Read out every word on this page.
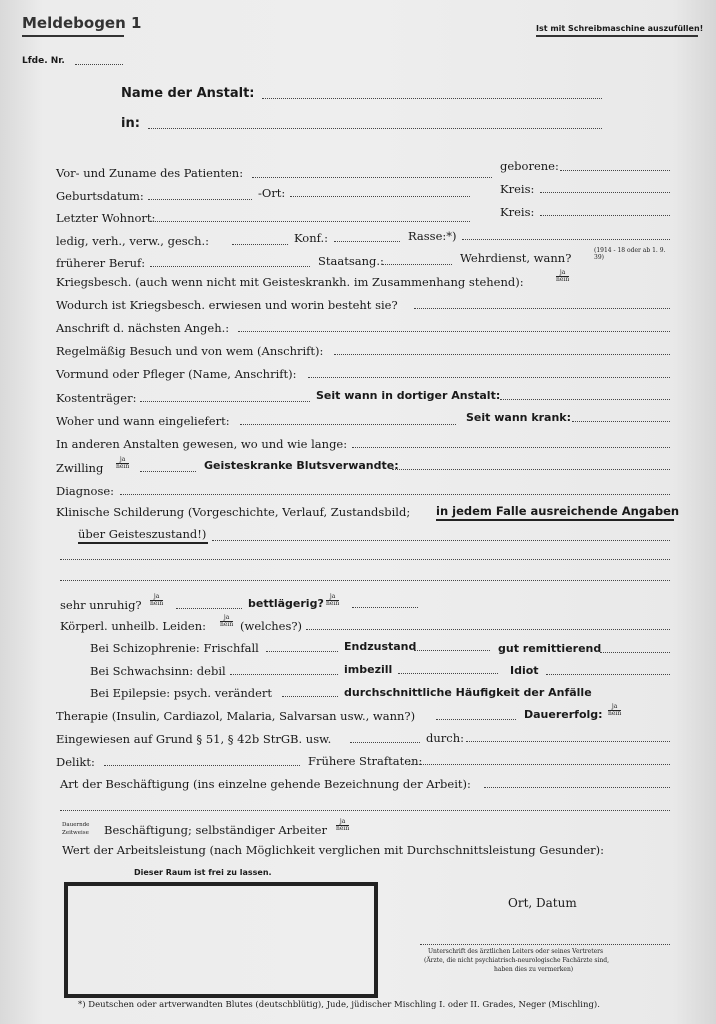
Meldebogen 1	Ist mit Schreibmaschine auszufüllen!
Lfde. Nr.
Name der Anstalt:
in:
Vor- und Zuname des Patienten:	geborene:
Geburtsdatum:	-Ort:	Kreis:
Letzter Wohnort:	Kreis:
ledig, verh., verw., gesch.:	Konf.:	Rasse:*)
früherer Beruf:	Staatsang.:	Wehrdienst, wann?
(1914 - 18 oder ab 1. 9. 39)
Kriegsbesch. (auch wenn nicht mit Geisteskrankh. im Zusammenhang stehend):
ja
nein
Wodurch ist Kriegsbesch. erwiesen und worin besteht sie?
Anschrift d. nächsten Angeh.:
Regelmäßig Besuch und von wem (Anschrift):
Vormund oder Pfleger (Name, Anschrift):
Kostenträger:	Seit wann in dortiger Anstalt:
Woher und wann eingeliefert:	Seit wann krank:
In anderen Anstalten gewesen, wo und wie lange:
Zwilling
ja
nein	Geisteskranke Blutsverwandte:
Diagnose:
Klinische Schilderung (Vorgeschichte, Verlauf, Zustandsbild; in jedem Falle ausreichende Angaben
über Geisteszustand!)
sehr unruhig?
ja
nein	bettlägerig?
ja
nein
Körperl. unheilb. Leiden:
ja
nein (welches?)
Bei Schizophrenie: Frischfall	Endzustand	gut remittierend
Bei Schwachsinn: debil	imbezill	Idiot
Bei Epilepsie: psych. verändert	durchschnittliche Häufigkeit der Anfälle
Therapie (Insulin, Cardiazol, Malaria, Salvarsan usw., wann?)	Dauererfolg:
ja
nein
Eingewiesen auf Grund § 51, § 42b StrGB. usw.	durch:
Delikt:	Frühere Straftaten:
Art der Beschäftigung (ins einzelne gehende Bezeichnung der Arbeit):
Dauernde
Zeitweise Beschäftigung; selbständiger Arbeiter
ja
nein
Wert der Arbeitsleistung (nach Möglichkeit verglichen mit Durchschnittsleistung Gesunder):
Dieser Raum ist frei zu lassen.
Ort, Datum
Unterschrift des ärztlichen Leiters oder seines Vertreters
(Ärzte, die nicht psychiatrisch-neurologische Fachärzte sind,
haben dies zu vermerken)
*) Deutschen oder artverwandten Blutes (deutschblütig), Jude, jüdischer Mischling I. oder II. Grades, Neger (Mischling).
